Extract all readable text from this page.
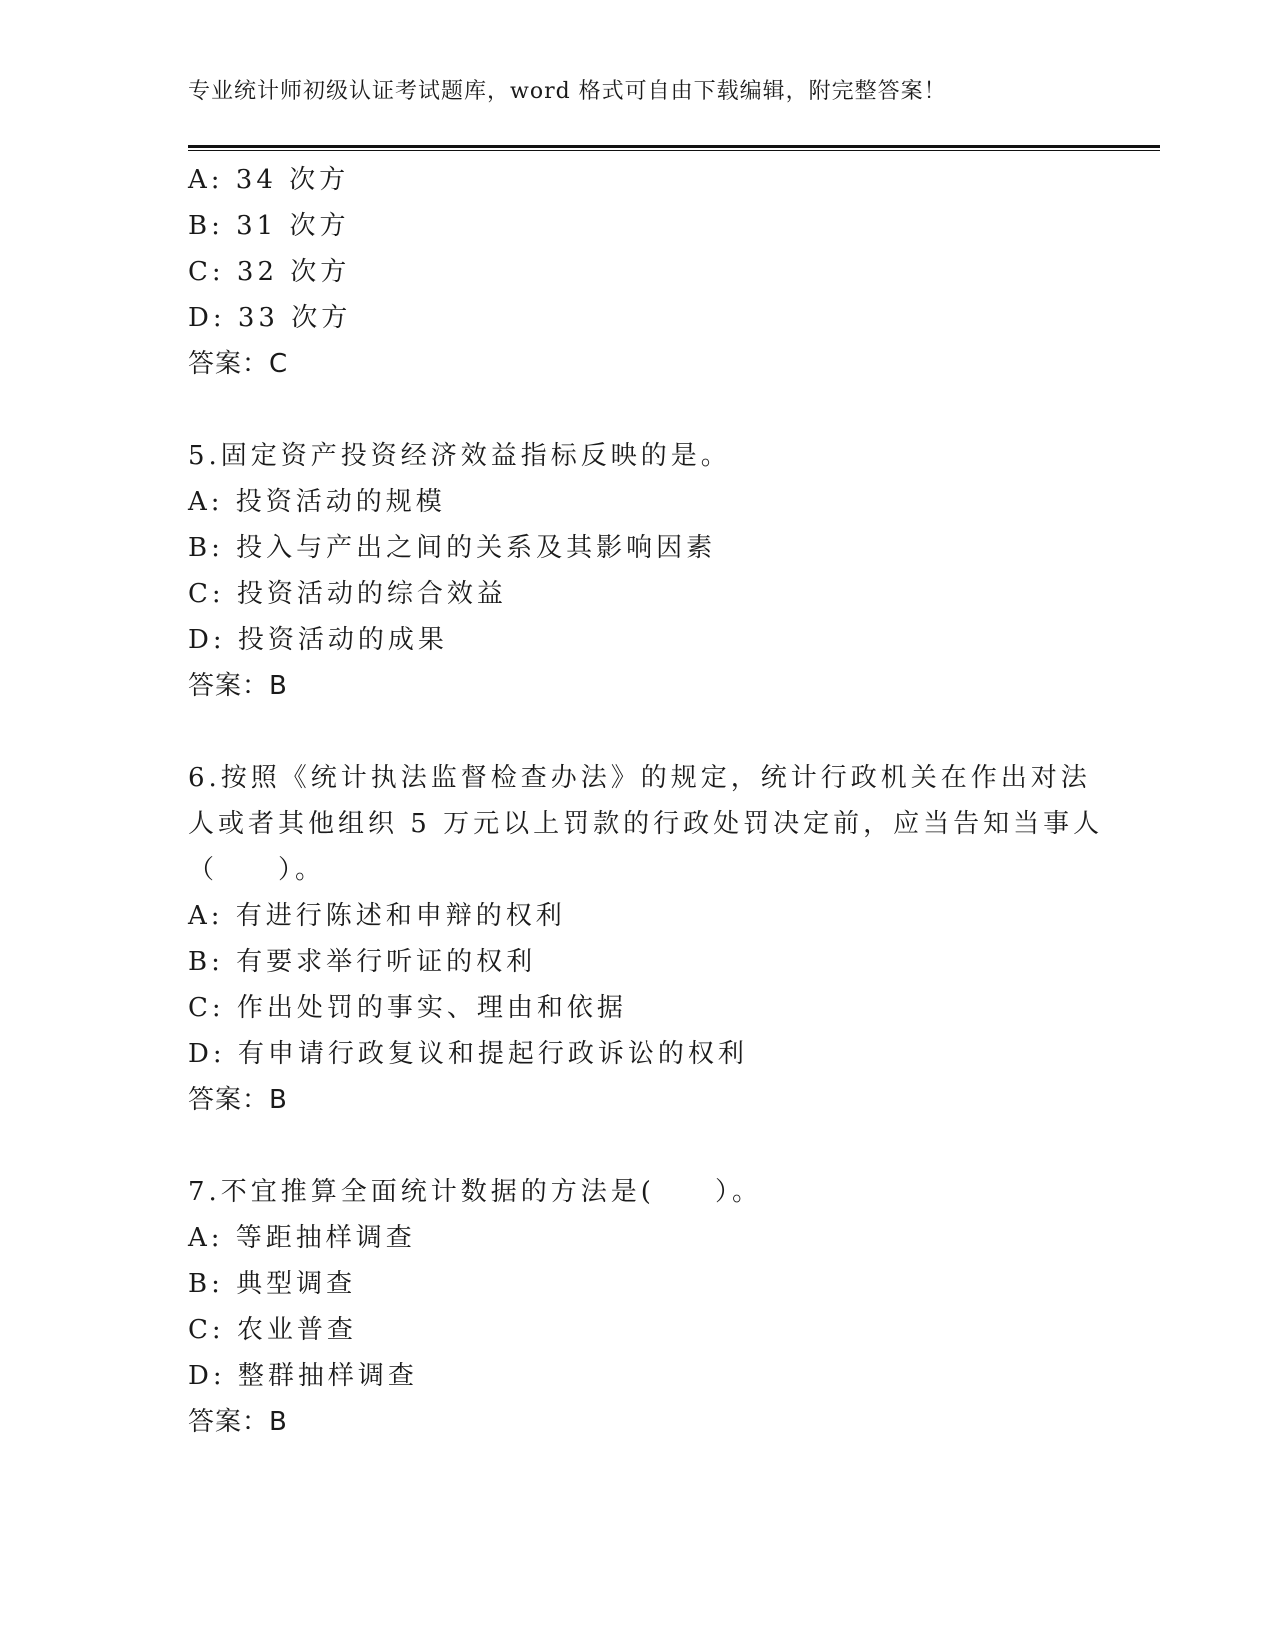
专业统计师初级认证考试题库，word 格式可自由下载编辑，附完整答案！
A: 34 次方
B: 31 次方
C: 32 次方
D: 33 次方
答案：C
5.固定资产投资经济效益指标反映的是。
A: 投资活动的规模
B: 投入与产出之间的关系及其影响因素
C: 投资活动的综合效益
D: 投资活动的成果
答案：B
6.按照《统计执法监督检查办法》的规定，统计行政机关在作出对法
人或者其他组织 5 万元以上罚款的行政处罚决定前，应当告知当事人
（　　）。
A: 有进行陈述和申辩的权利
B: 有要求举行听证的权利
C: 作出处罚的事实、理由和依据
D: 有申请行政复议和提起行政诉讼的权利
答案：B
7.不宜推算全面统计数据的方法是(　　）。
A: 等距抽样调查
B: 典型调查
C: 农业普查
D: 整群抽样调查
答案：B
